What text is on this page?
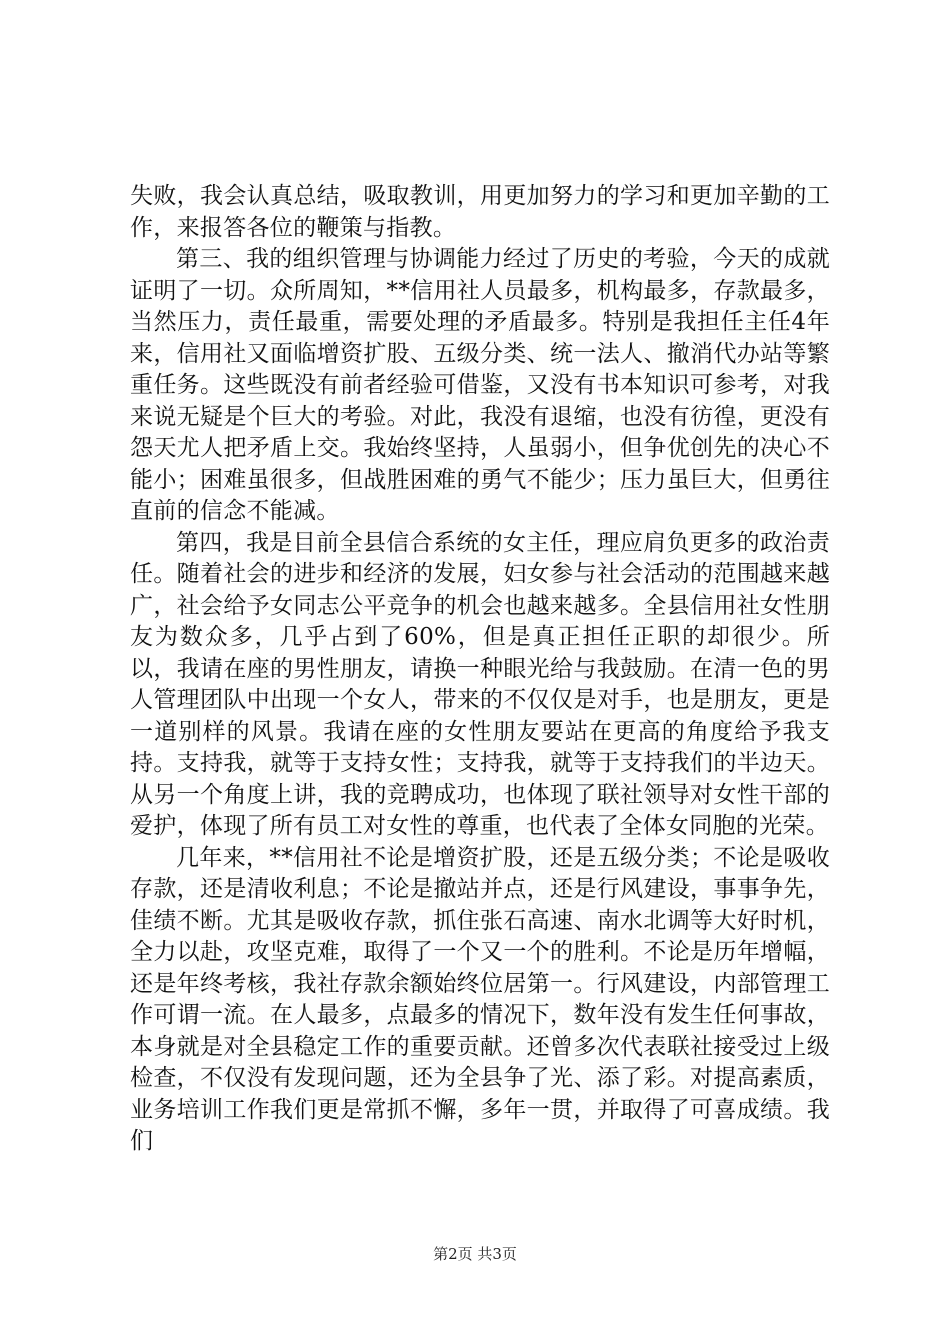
失败，我会认真总结，吸取教训，用更加努力的学习和更加辛勤的工作，来报答各位的鞭策与指教。

第三、我的组织管理与协调能力经过了历史的考验，今天的成就证明了一切。众所周知，**信用社人员最多，机构最多，存款最多，当然压力，责任最重，需要处理的矛盾最多。特别是我担任主任4年来，信用社又面临增资扩股、五级分类、统一法人、撤消代办站等繁重任务。这些既没有前者经验可借鉴，又没有书本知识可参考，对我来说无疑是个巨大的考验。对此，我没有退缩，也没有彷徨，更没有怨天尤人把矛盾上交。我始终坚持，人虽弱小，但争优创先的决心不能小；困难虽很多，但战胜困难的勇气不能少；压力虽巨大，但勇往直前的信念不能减。

第四，我是目前全县信合系统的女主任，理应肩负更多的政治责任。随着社会的进步和经济的发展，妇女参与社会活动的范围越来越广，社会给予女同志公平竞争的机会也越来越多。全县信用社女性朋友为数众多，几乎占到了60%，但是真正担任正职的却很少。所以，我请在座的男性朋友，请换一种眼光给与我鼓励。在清一色的男人管理团队中出现一个女人，带来的不仅仅是对手，也是朋友，更是一道别样的风景。我请在座的女性朋友要站在更高的角度给予我支持。支持我，就等于支持女性；支持我，就等于支持我们的半边天。从另一个角度上讲，我的竞聘成功，也体现了联社领导对女性干部的爱护，体现了所有员工对女性的尊重，也代表了全体女同胞的光荣。

几年来，**信用社不论是增资扩股，还是五级分类；不论是吸收存款，还是清收利息；不论是撤站并点，还是行风建设，事事争先，佳绩不断。尤其是吸收存款，抓住张石高速、南水北调等大好时机，全力以赴，攻坚克难，取得了一个又一个的胜利。不论是历年增幅，还是年终考核，我社存款余额始终位居第一。行风建设，内部管理工作可谓一流。在人最多，点最多的情况下，数年没有发生任何事故，本身就是对全县稳定工作的重要贡献。还曾多次代表联社接受过上级检查，不仅没有发现问题，还为全县争了光、添了彩。对提高素质，业务培训工作我们更是常抓不懈，多年一贯，并取得了可喜成绩。我们

第2页 共3页
